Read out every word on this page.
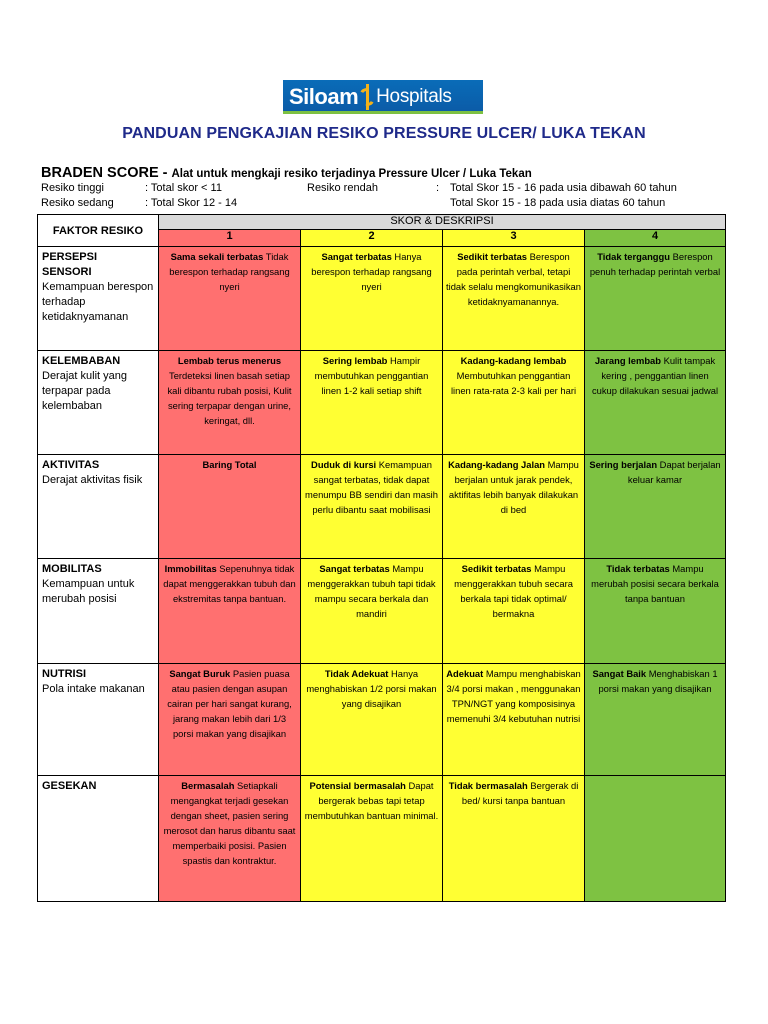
Siloam Hospitals
PANDUAN PENGKAJIAN RESIKO PRESSURE ULCER/ LUKA TEKAN
BRADEN SCORE - Alat untuk mengkaji resiko terjadinya Pressure Ulcer / Luka Tekan
Resiko tinggi	: Total skor < 11
Resiko sedang	: Total Skor 12 - 14
Resiko rendah	: Total Skor 15 - 16 pada usia dibawah 60 tahun
Total Skor 15 - 18 pada usia diatas 60 tahun
FAKTOR RESIKO	SKOR & DESKRIPSI			
	1	2	3	4

PERSEPSI SENSORI
Kemampuan berespon terhadap ketidaknyamanan	Sama sekali terbatas Tidak berespon terhadap rangsang nyeri	Sangat terbatas Hanya berespon terhadap rangsang nyeri	Sedikit terbatas Berespon pada perintah verbal, tetapi tidak selalu mengkomunikasikan ketidaknyamanannya.	Tidak terganggu Berespon penuh terhadap perintah verbal

KELEMBABAN
Derajat kulit yang terpapar pada kelembaban	Lembab terus menerus Terdeteksi linen basah setiap kali dibantu rubah posisi, Kulit sering terpapar dengan urine, keringat, dll.	Sering lembab Hampir membutuhkan penggantian linen 1-2 kali setiap shift	Kadang-kadang lembab Membutuhkan penggantian linen rata-rata 2-3 kali per hari	Jarang lembab Kulit tampak kering , penggantian linen cukup dilakukan sesuai jadwal

AKTIVITAS
Derajat aktivitas fisik	Baring Total	Duduk di kursi Kemampuan sangat terbatas, tidak dapat menumpu BB sendiri dan masih perlu dibantu saat mobilisasi	Kadang-kadang Jalan Mampu berjalan untuk jarak pendek, aktifitas lebih banyak dilakukan di bed	Sering berjalan Dapat berjalan keluar kamar

MOBILITAS
Kemampuan untuk merubah posisi	Immobilitas Sepenuhnya tidak dapat menggerakkan tubuh dan ekstremitas tanpa bantuan.	Sangat terbatas Mampu menggerakkan tubuh tapi tidak mampu secara berkala dan mandiri	Sedikit terbatas Mampu menggerakkan tubuh secara berkala tapi tidak optimal/ bermakna	Tidak terbatas Mampu merubah posisi secara berkala tanpa bantuan

NUTRISI
Pola intake makanan	Sangat Buruk Pasien puasa atau pasien dengan asupan cairan per hari sangat kurang, jarang makan lebih dari 1/3 porsi makan yang disajikan	Tidak Adekuat Hanya menghabiskan 1/2 porsi makan yang disajikan	Adekuat Mampu menghabiskan 3/4 porsi makan , menggunakan TPN/NGT yang komposisinya memenuhi 3/4 kebutuhan nutrisi	Sangat Baik Menghabiskan 1 porsi makan yang disajikan

GESEKAN	Bermasalah Setiapkali mengangkat terjadi gesekan dengan sheet, pasien sering merosot dan harus dibantu saat memperbaiki posisi. Pasien spastis dan kontraktur.	Potensial bermasalah Dapat bergerak bebas tapi tetap membutuhkan bantuan minimal.	Tidak bermasalah Bergerak di bed/ kursi tanpa bantuan	
